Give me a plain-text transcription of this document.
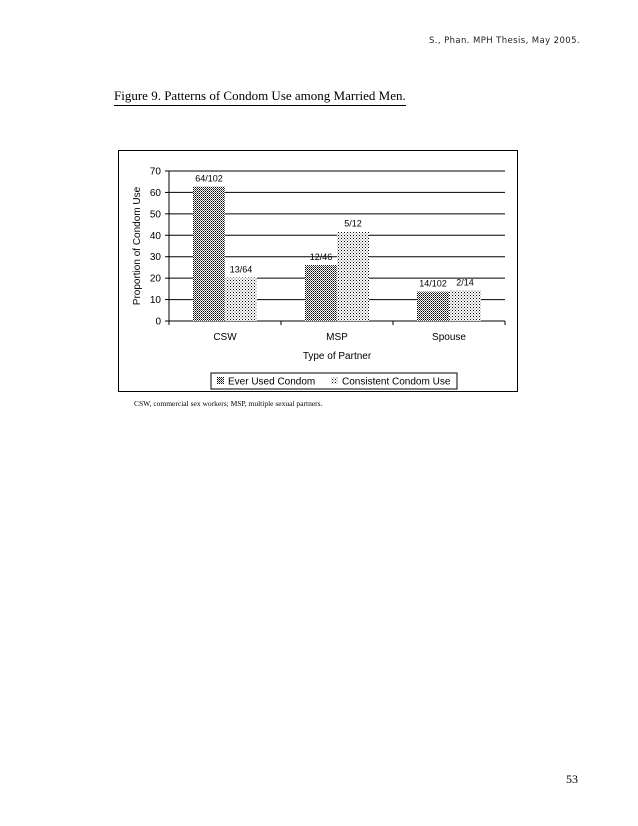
S., Phan. MPH Thesis, May 2005.
Figure 9. Patterns of Condom Use among Married Men.
0
10
20
30
40
50
60
70
64/102
13/64
CSW
12/46
5/12
MSP
14/102 2/14
Spouse
Type of Partner
Proportion of Condom Use
Ever Used Condom	Consistent Condom Use
CSW, commercial sex workers; MSP, multiple sexual partners.
53
